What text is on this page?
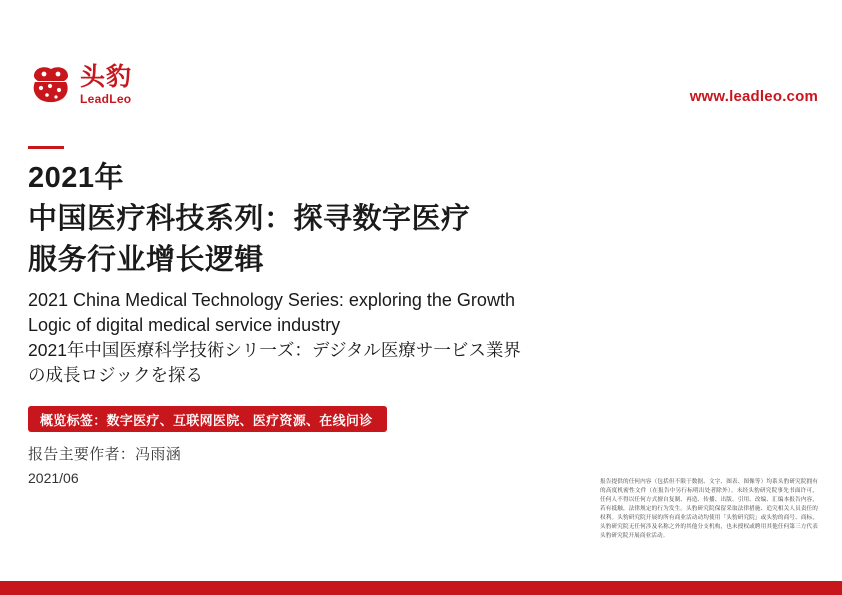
头豹
LeadLeo	www.leadleo.com
2021年
中国医疗科技系列：探寻数字医疗
服务行业增长逻辑
2021 China Medical Technology Series: exploring the Growth
Logic of digital medical service industry
2021年中国医療科学技術シリ一ズ：デジタル医療サ一ビス業界
の成長ロジックを探る
概览标签：数字医疗、互联网医院、医疗资源、在线问诊
报告主要作者：冯雨涵
2021/06	报告提供的任何内容（包括但不限于数据、文字、图表、图像等）均系头豹研究院拥有的高度机密性文件（在报告中另行标明出处者除外）。未经头豹研究院事先书面许可，任何人不得以任何方式擅自复制、再造、传播、出版、引用、改编、汇编本报告内容，若有抵触，法律规定的行为发生。头豹研究院保留采取法律措施、追究相关人员责任的权利。头豹研究院开展的所有商业活动动均使用「头豹研究院」或头豹的商号、商标，头豹研究院无任何涉及名称之外的其他分支机构，也未授权或聘用其他任何第三方代表头豹研究院开展商业活动。
